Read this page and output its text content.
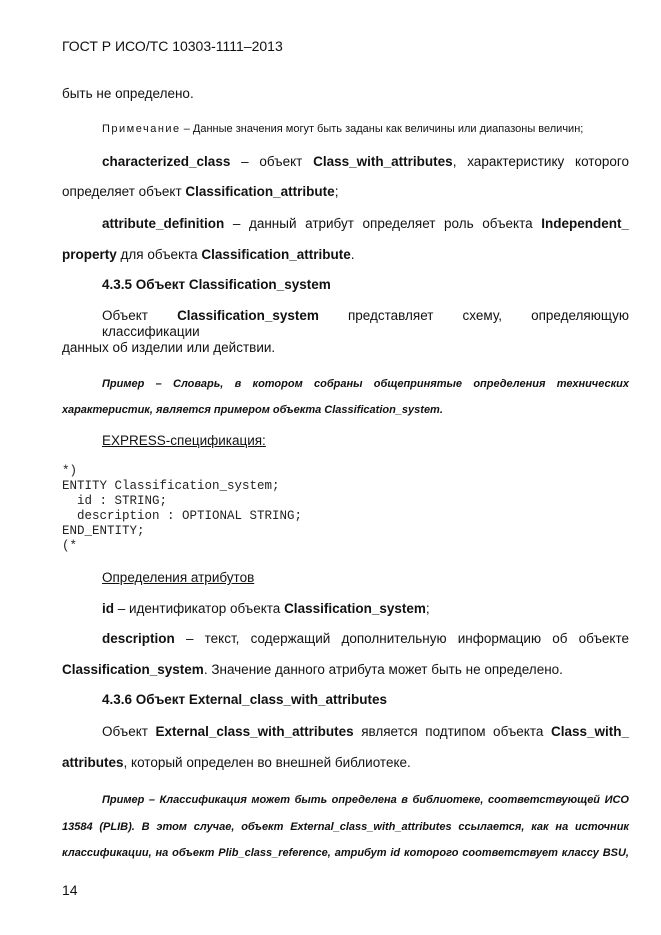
ГОСТ Р ИСО/ТС 10303-1111–2013
быть не определено.
Примечание – Данные значения могут быть заданы как величины или диапазоны величин;
characterized_class – объект Class_with_attributes, характеристику которого
определяет объект Classification_attribute;
attribute_definition – данный атрибут определяет роль объекта Independent_
property для объекта Classification_attribute.
4.3.5 Объект Classification_system
Объект Classification_system представляет схему, определяющую классификации
данных об изделии или действии.
Пример – Словарь, в котором собраны общепринятые определения технических
характеристик, является примером объекта Classification_system.
EXPRESS-спецификация:
*)
ENTITY Classification_system;
id : STRING;
description : OPTIONAL STRING;
END_ENTITY;
(*
Определения атрибутов
id – идентификатор объекта Classification_system;
description – текст, содержащий дополнительную информацию об объекте
Classification_system. Значение данного атрибута может быть не определено.
4.3.6 Объект External_class_with_attributes
Объект External_class_with_attributes является подтипом объекта Class_with_
attributes, который определен во внешней библиотеке.
Пример – Классификация может быть определена в библиотеке, соответствующей ИСО
13584 (PLIB). В этом случае, объект External_class_with_attributes ссылается, как на источник
классификации, на объект Plib_class_reference, атрибут id которого соответствует классу BSU,
14
